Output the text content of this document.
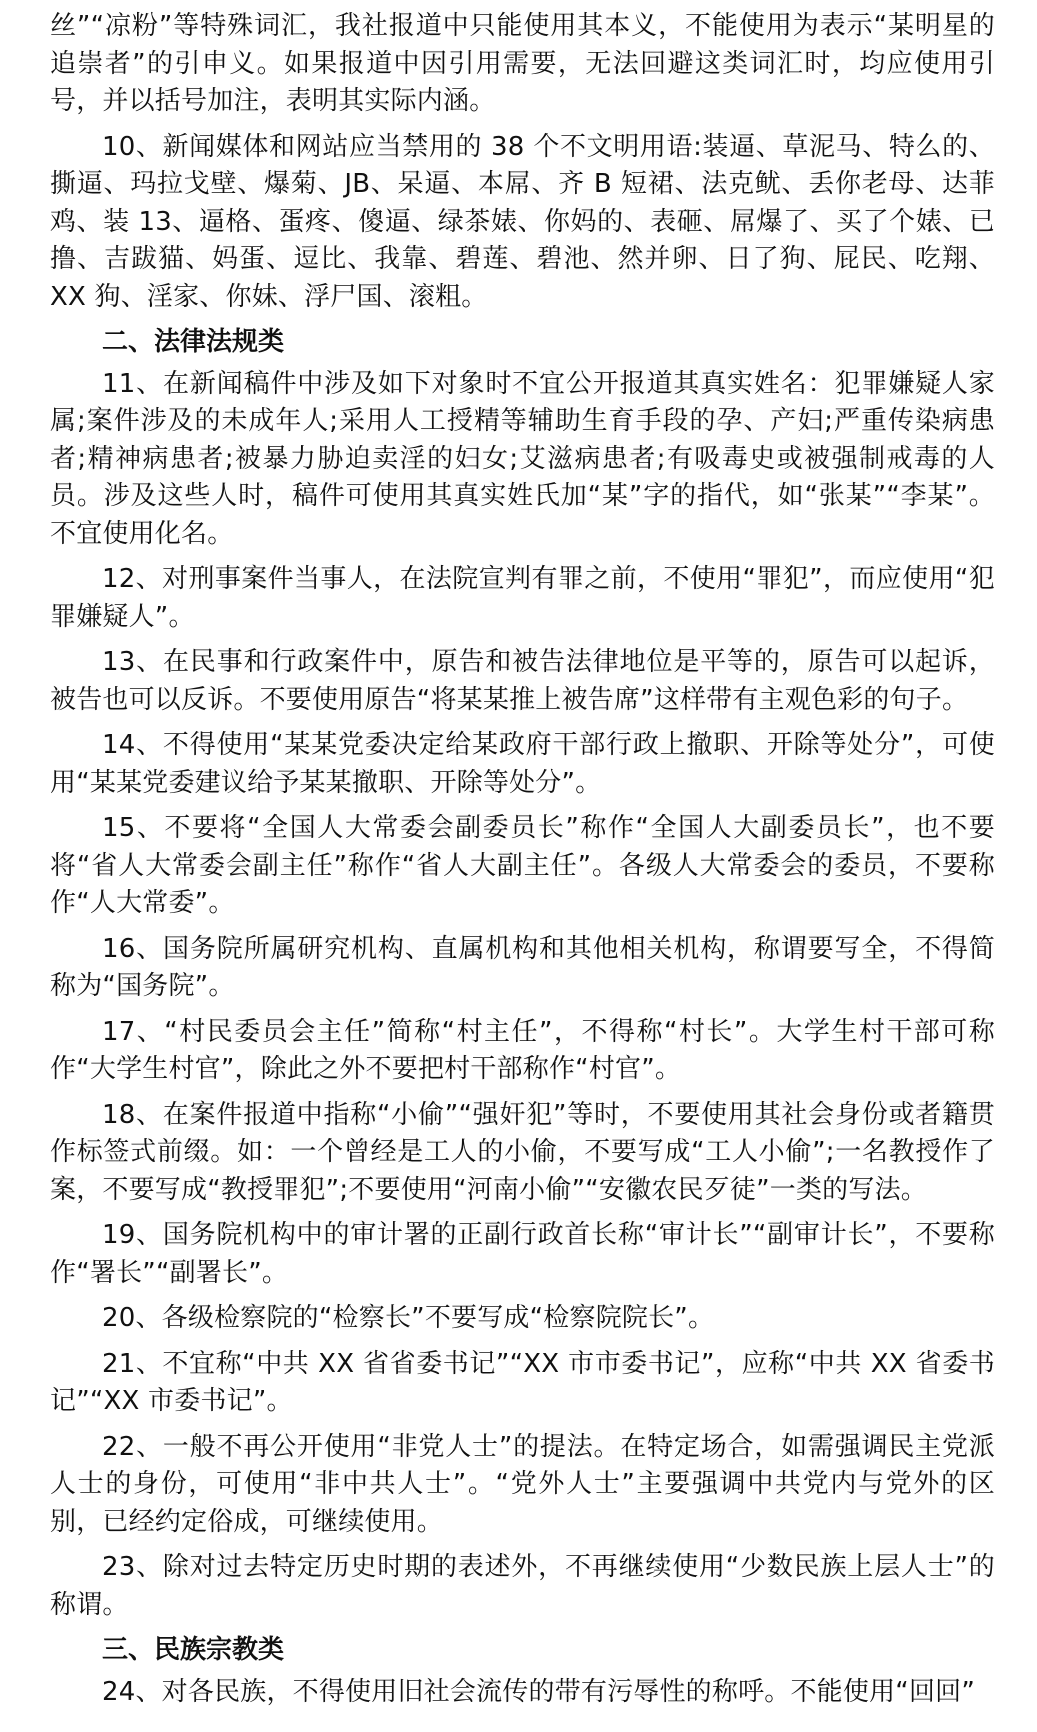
丝”“凉粉”等特殊词汇，我社报道中只能使用其本义，不能使用为表示“某明星的追崇者”的引申义。如果报道中因引用需要，无法回避这类词汇时，均应使用引号，并以括号加注，表明其实际内涵。

10、新闻媒体和网站应当禁用的 38 个不文明用语:装逼、草泥马、特么的、撕逼、玛拉戈壁、爆菊、JB、呆逼、本屌、齐 B 短裙、法克鱿、丢你老母、达菲鸡、装 13、逼格、蛋疼、傻逼、绿茶婊、你妈的、表砸、屌爆了、买了个婊、已撸、吉跋猫、妈蛋、逗比、我靠、碧莲、碧池、然并卵、日了狗、屁民、吃翔、XX 狗、淫家、你妹、浮尸国、滚粗。

二、法律法规类

11、在新闻稿件中涉及如下对象时不宜公开报道其真实姓名：犯罪嫌疑人家属;案件涉及的未成年人;采用人工授精等辅助生育手段的孕、产妇;严重传染病患者;精神病患者;被暴力胁迫卖淫的妇女;艾滋病患者;有吸毒史或被强制戒毒的人员。涉及这些人时，稿件可使用其真实姓氏加“某”字的指代，如“张某”“李某”。不宜使用化名。

12、对刑事案件当事人，在法院宣判有罪之前，不使用“罪犯”，而应使用“犯罪嫌疑人”。

13、在民事和行政案件中，原告和被告法律地位是平等的，原告可以起诉，被告也可以反诉。不要使用原告“将某某推上被告席”这样带有主观色彩的句子。

14、不得使用“某某党委决定给某政府干部行政上撤职、开除等处分”，可使用“某某党委建议给予某某撤职、开除等处分”。

15、不要将“全国人大常委会副委员长”称作“全国人大副委员长”，也不要将“省人大常委会副主任”称作“省人大副主任”。各级人大常委会的委员，不要称作“人大常委”。

16、国务院所属研究机构、直属机构和其他相关机构，称谓要写全，不得简称为“国务院”。

17、“村民委员会主任”简称“村主任”，不得称“村长”。大学生村干部可称作“大学生村官”，除此之外不要把村干部称作“村官”。

18、在案件报道中指称“小偷”“强奸犯”等时，不要使用其社会身份或者籍贯作标签式前缀。如：一个曾经是工人的小偷，不要写成“工人小偷”;一名教授作了案，不要写成“教授罪犯”;不要使用“河南小偷”“安徽农民歹徒”一类的写法。

19、国务院机构中的审计署的正副行政首长称“审计长”“副审计长”，不要称作“署长”“副署长”。

20、各级检察院的“检察长”不要写成“检察院院长”。

21、不宜称“中共 XX 省省委书记”“XX 市市委书记”，应称“中共 XX 省委书记”“XX 市委书记”。

22、一般不再公开使用“非党人士”的提法。在特定场合，如需强调民主党派人士的身份，可使用“非中共人士”。“党外人士”主要强调中共党内与党外的区别，已经约定俗成，可继续使用。

23、除对过去特定历史时期的表述外，不再继续使用“少数民族上层人士”的称谓。

三、民族宗教类

24、对各民族，不得使用旧社会流传的带有污辱性的称呼。不能使用“回回”
